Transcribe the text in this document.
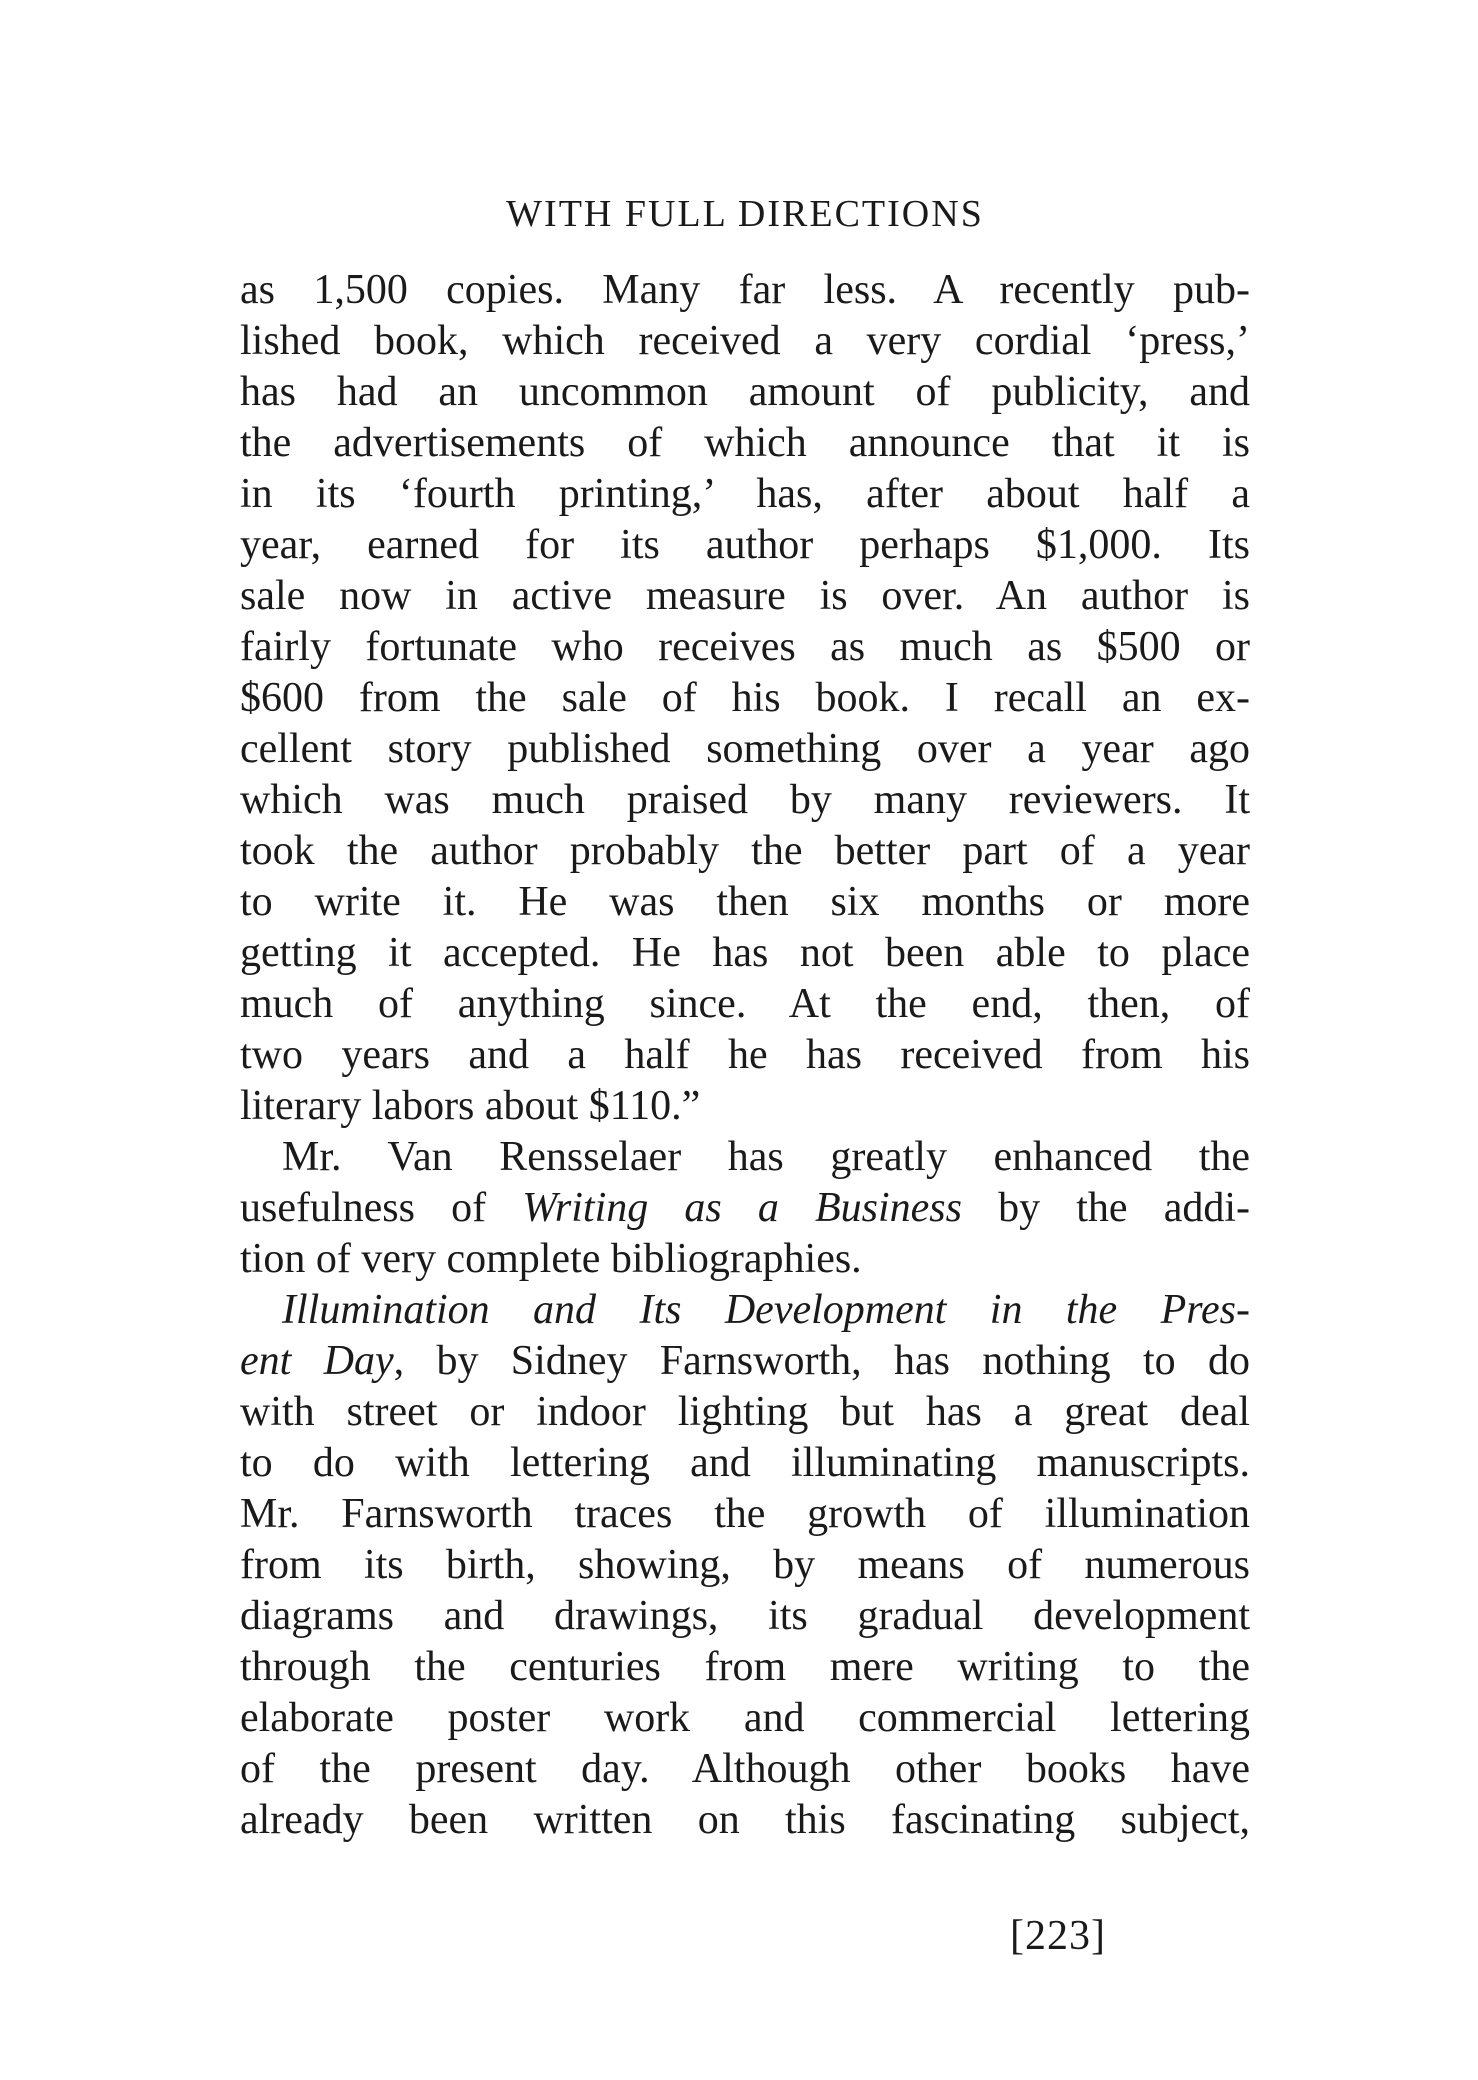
WITH FULL DIRECTIONS
as 1,500 copies. Many far less. A recently pub-
lished book, which received a very cordial ‘press,’
has had an uncommon amount of publicity, and
the advertisements of which announce that it is
in its ‘fourth printing,’ has, after about half a
year, earned for its author perhaps $1,000. Its
sale now in active measure is over. An author is
fairly fortunate who receives as much as $500 or
$600 from the sale of his book. I recall an ex-
cellent story published something over a year ago
which was much praised by many reviewers. It
took the author probably the better part of a year
to write it. He was then six months or more
getting it accepted. He has not been able to place
much of anything since. At the end, then, of
two years and a half he has received from his
literary labors about $110.”
Mr. Van Rensselaer has greatly enhanced the
usefulness of Writing as a Business by the addi-
tion of very complete bibliographies.
Illumination and Its Development in the Pres-
ent Day, by Sidney Farnsworth, has nothing to do
with street or indoor lighting but has a great deal
to do with lettering and illuminating manuscripts.
Mr. Farnsworth traces the growth of illumination
from its birth, showing, by means of numerous
diagrams and drawings, its gradual development
through the centuries from mere writing to the
elaborate poster work and commercial lettering
of the present day. Although other books have
already been written on this fascinating subject,
[223]
